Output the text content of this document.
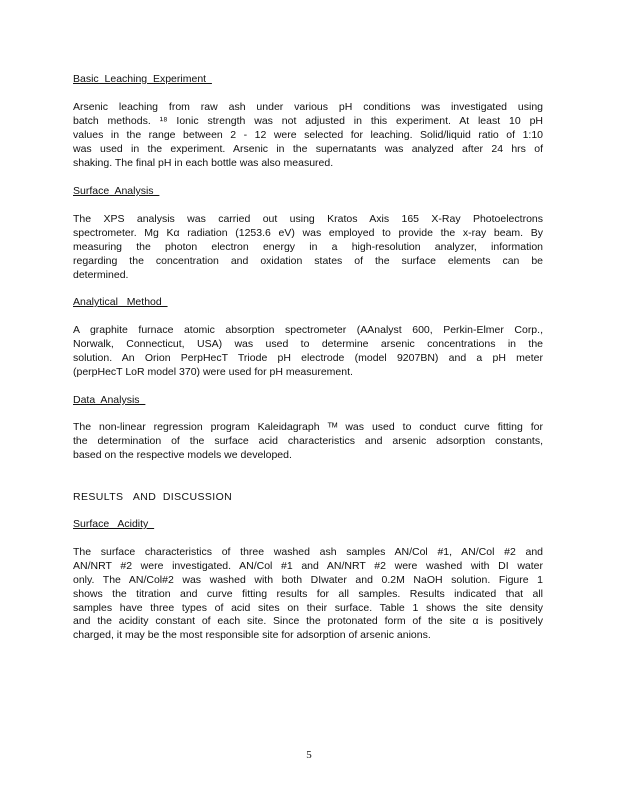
Basic  Leaching  Experiment
Arsenic leaching from raw ash under various pH conditions was investigated using
batch methods. ¹⁸ Ionic strength was not adjusted in this experiment. At least 10 pH
values in the range between 2 - 12 were selected for leaching. Solid/liquid ratio of 1:10
was used in the experiment. Arsenic in the supernatants was analyzed after 24 hrs of
shaking. The final pH in each bottle was also measured.
Surface  Analysis
The XPS analysis was carried out using Kratos Axis 165 X-Ray Photoelectrons
spectrometer. Mg Kα radiation (1253.6 eV) was employed to provide the x-ray beam. By
measuring the photon electron energy in a high-resolution analyzer, information
regarding the concentration and oxidation states of the surface elements can be
determined.
Analytical   Method
A graphite furnace atomic absorption spectrometer (AAnalyst 600, Perkin-Elmer Corp.,
Norwalk, Connecticut, USA) was used to determine arsenic concentrations in the
solution. An Orion PerpHecT Triode pH electrode (model 9207BN) and a pH meter
(perpHecT LoR model 370) were used for pH measurement.
Data  Analysis
The non-linear regression program Kaleidagraph ᵀᴹ was used to conduct curve fitting for
the determination of the surface acid characteristics and arsenic adsorption constants,
based on the respective models we developed.
RESULTS   AND  DISCUSSION
Surface   Acidity
The surface characteristics of three washed ash samples AN/Col #1, AN/Col #2 and
AN/NRT #2 were investigated. AN/Col #1 and AN/NRT #2 were washed with DI water
only. The AN/Col#2 was washed with both DIwater and 0.2M NaOH solution. Figure 1
shows the titration and curve fitting results for all samples. Results indicated that all
samples have three types of acid sites on their surface. Table 1 shows the site density
and the acidity constant of each site. Since the protonated form of the site α is positively
charged, it may be the most responsible site for adsorption of arsenic anions.
5
